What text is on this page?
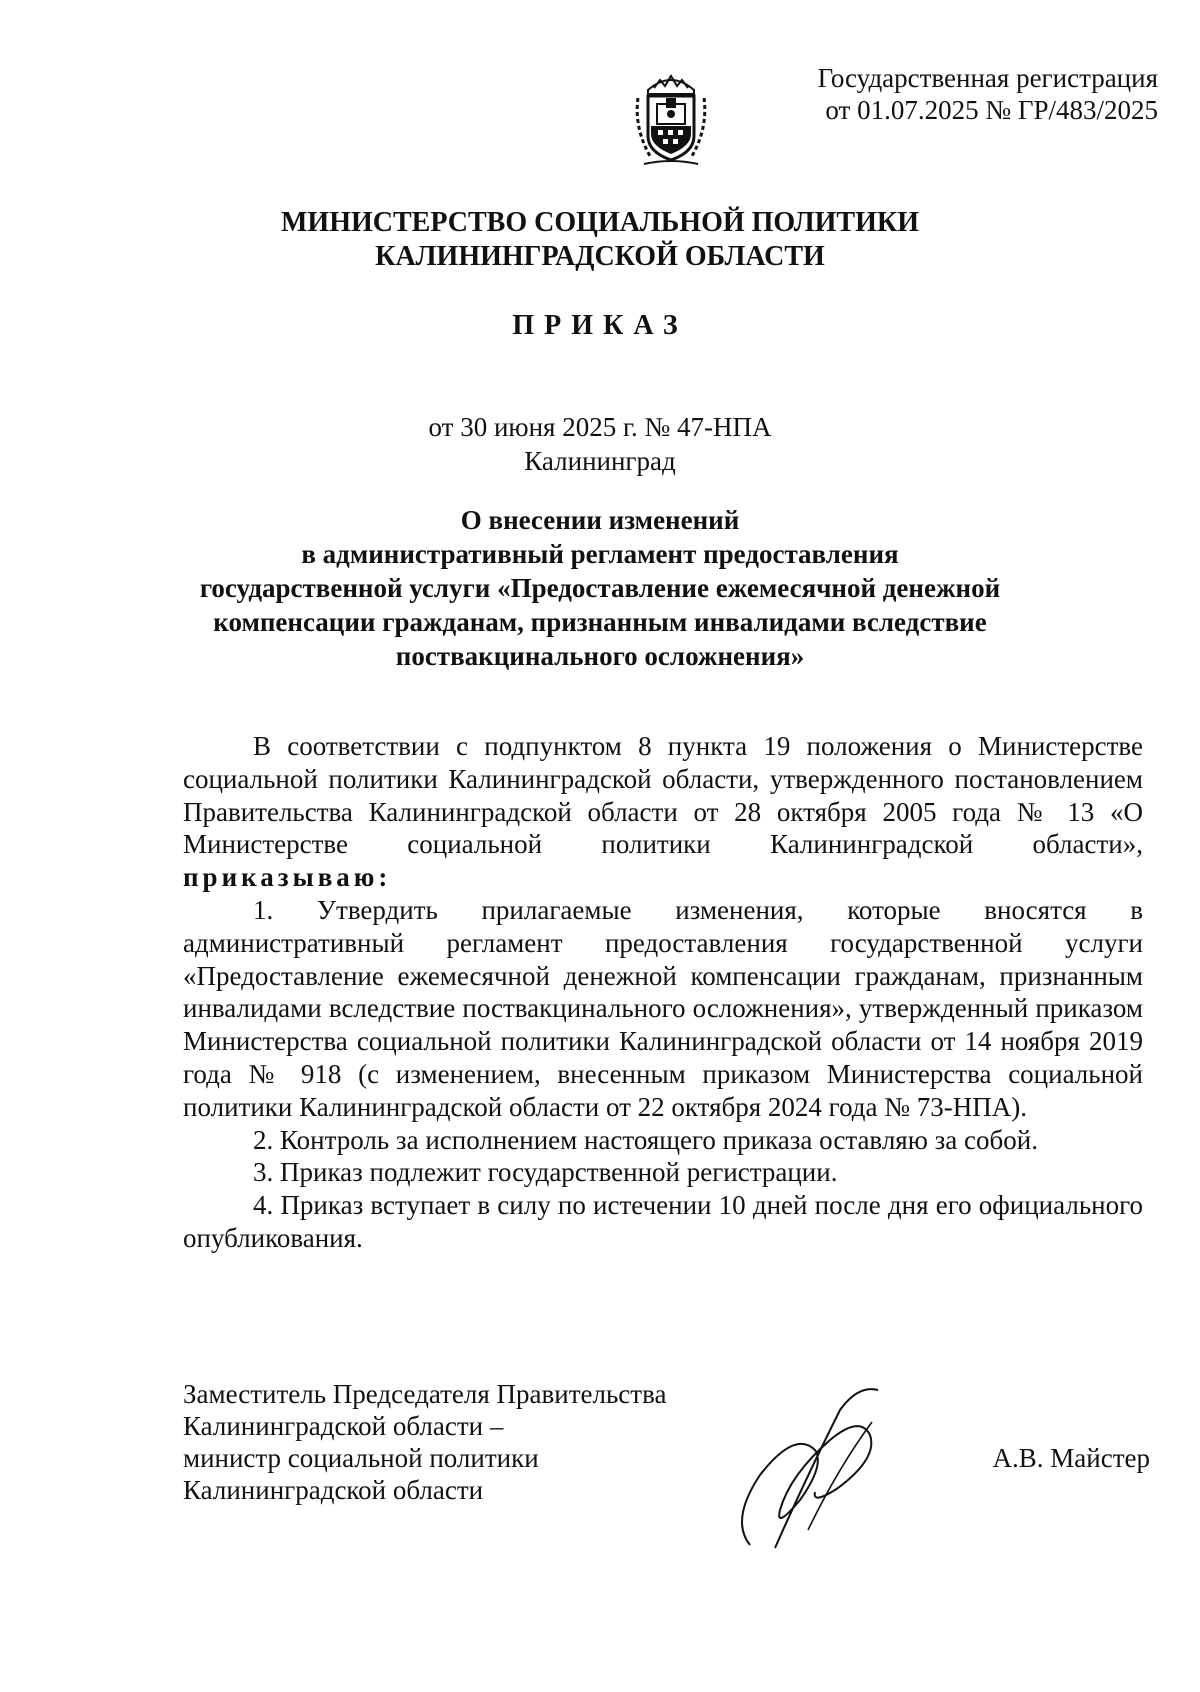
Государственная регистрация
от 01.07.2025 № ГР/483/2025
МИНИСТЕРСТВО СОЦИАЛЬНОЙ ПОЛИТИКИ
КАЛИНИНГРАДСКОЙ ОБЛАСТИ
ПРИКАЗ
от 30 июня 2025 г. № 47-НПА
Калининград
О внесении изменений
в административный регламент предоставления
государственной услуги «Предоставление ежемесячной денежной
компенсации гражданам, признанным инвалидами вследствие
поствакцинального осложнения»

В соответствии с подпунктом 8 пункта 19 положения о Министерстве социальной политики Калининградской области, утвержденного постановлением Правительства Калининградской области от 28 октября 2005 года № 13 «О Министерстве социальной политики Калининградской области», приказываю:

1. Утвердить прилагаемые изменения, которые вносятся в административный регламент предоставления государственной услуги «Предоставление ежемесячной денежной компенсации гражданам, признанным инвалидами вследствие поствакцинального осложнения», утвержденный приказом Министерства социальной политики Калининградской области от 14 ноября 2019 года № 918 (с изменением, внесенным приказом Министерства социальной политики Калининградской области от 22 октября 2024 года № 73-НПА).

2. Контроль за исполнением настоящего приказа оставляю за собой.

3. Приказ подлежит государственной регистрации.

4. Приказ вступает в силу по истечении 10 дней после дня его официального опубликования.

Заместитель Председателя Правительства
Калининградской области –
министр социальной политики
Калининградской области
А.В. Майстер
